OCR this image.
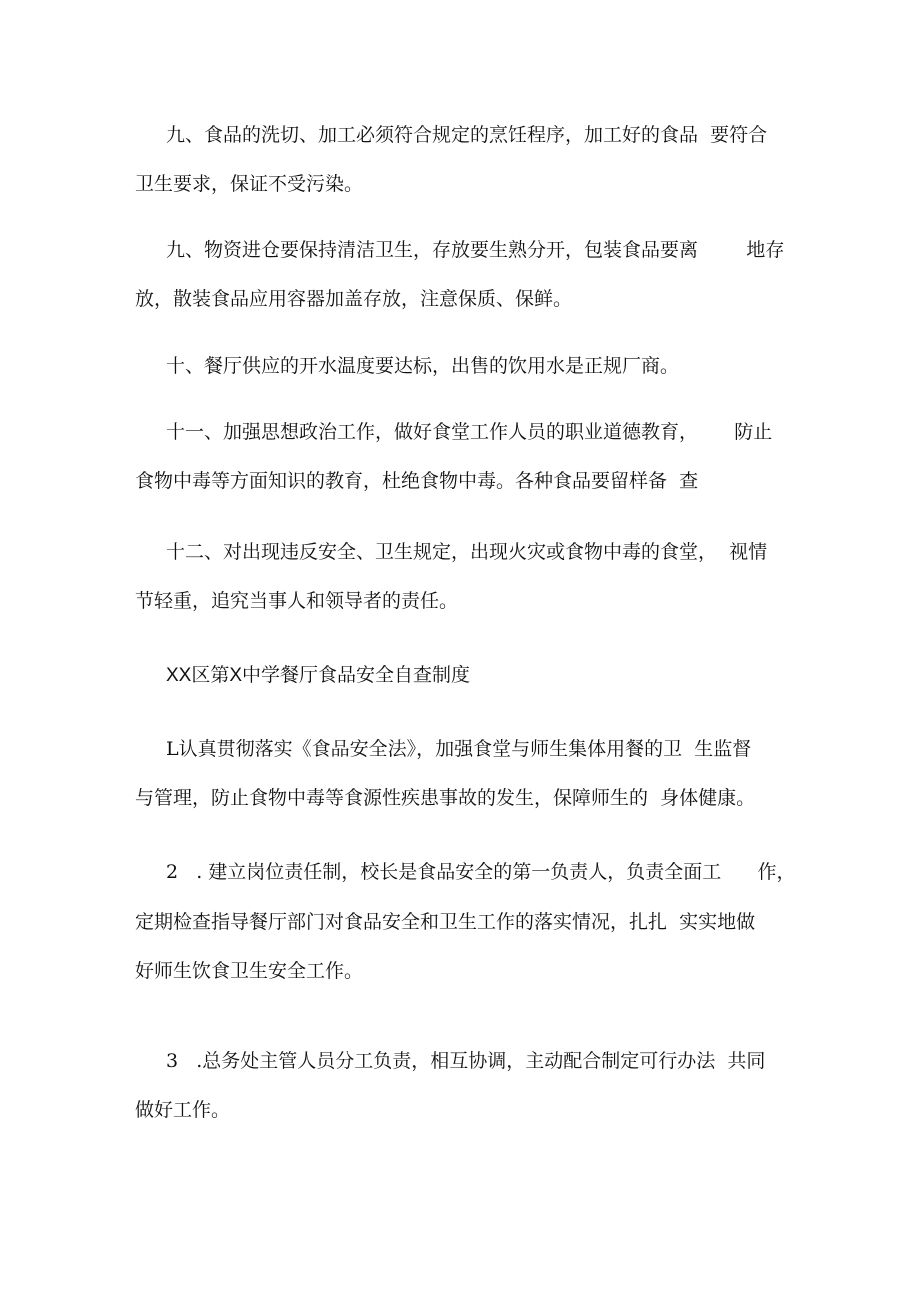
九、食品的洗切、加工必须符合规定的烹饪程序，加工好的食品  要符合
卫生要求，保证不受污染。
九、物资进仓要保持清洁卫生，存放要生熟分开，包装食品要离        地存
放，散装食品应用容器加盖存放，注意保质、保鲜。
十、餐厅供应的开水温度要达标，出售的饮用水是正规厂商。
十一、加强思想政治工作，做好食堂工作人员的职业道德教育，      防止
食物中毒等方面知识的教育，杜绝食物中毒。各种食品要留样备  查
十二、对出现违反安全、卫生规定，出现火灾或食物中毒的食堂，  视情
节轻重，追究当事人和领导者的责任。
XX区第X中学餐厅食品安全自查制度
L认真贯彻落实《食品安全法》，加强食堂与师生集体用餐的卫  生监督
与管理，防止食物中毒等食源性疾患事故的发生，保障师生的  身体健康。
2   . 建立岗位责任制，校长是食品安全的第一负责人，负责全面工      作，
定期检查指导餐厅部门对食品安全和卫生工作的落实情况，扎扎  实实地做
好师生饮食卫生安全工作。
3   .总务处主管人员分工负责，相互协调，主动配合制定可行办法  共同
做好工作。
